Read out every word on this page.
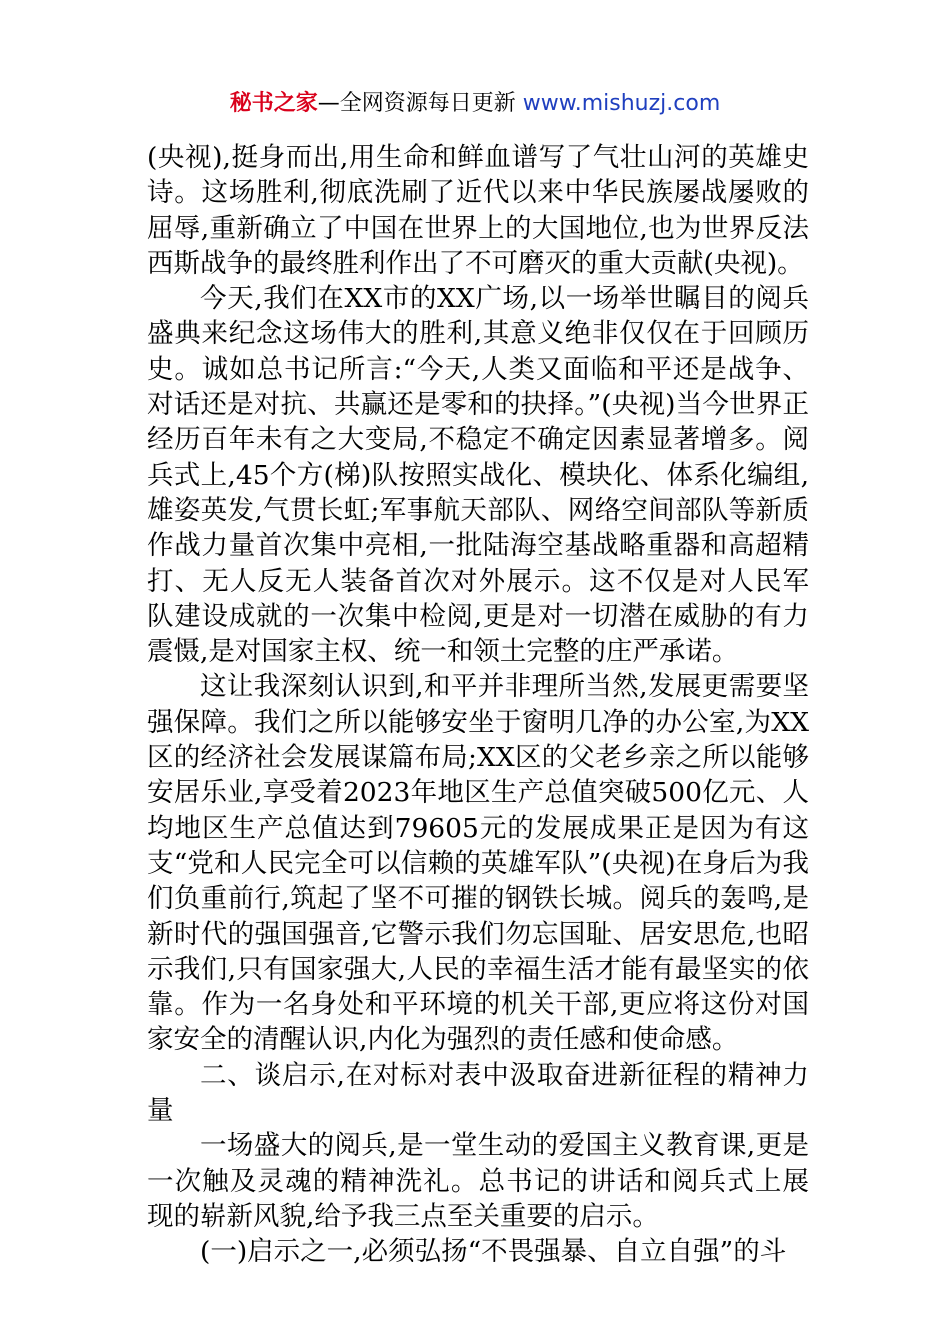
秘书之家—全网资源每日更新 www.mishuzj.com

(央视),挺身而出,用生命和鲜血谱写了气壮山河的英雄史诗。这场胜利,彻底洗刷了近代以来中华民族屡战屡败的屈辱,重新确立了中国在世界上的大国地位,也为世界反法西斯战争的最终胜利作出了不可磨灭的重大贡献(央视)。

今天,我们在XX市的XX广场,以一场举世瞩目的阅兵盛典来纪念这场伟大的胜利,其意义绝非仅仅在于回顾历史。诚如总书记所言:“今天,人类又面临和平还是战争、对话还是对抗、共赢还是零和的抉择。”(央视)当今世界正经历百年未有之大变局,不稳定不确定因素显著增多。阅兵式上,45个方(梯)队按照实战化、模块化、体系化编组,雄姿英发,气贯长虹;军事航天部队、网络空间部队等新质作战力量首次集中亮相,一批陆海空基战略重器和高超精打、无人反无人装备首次对外展示。这不仅是对人民军队建设成就的一次集中检阅,更是对一切潜在威胁的有力震慑,是对国家主权、统一和领土完整的庄严承诺。

这让我深刻认识到,和平并非理所当然,发展更需要坚强保障。我们之所以能够安坐于窗明几净的办公室,为XX区的经济社会发展谋篇布局;XX区的父老乡亲之所以能够安居乐业,享受着2023年地区生产总值突破500亿元、人均地区生产总值达到79605元的发展成果正是因为有这支“党和人民完全可以信赖的英雄军队”(央视)在身后为我们负重前行,筑起了坚不可摧的钢铁长城。阅兵的轰鸣,是新时代的强国强音,它警示我们勿忘国耻、居安思危,也昭示我们,只有国家强大,人民的幸福生活才能有最坚实的依靠。作为一名身处和平环境的机关干部,更应将这份对国家安全的清醒认识,内化为强烈的责任感和使命感。

二、谈启示,在对标对表中汲取奋进新征程的精神力量

一场盛大的阅兵,是一堂生动的爱国主义教育课,更是一次触及灵魂的精神洗礼。总书记的讲话和阅兵式上展现的崭新风貌,给予我三点至关重要的启示。

(一)启示之一,必须弘扬“不畏强暴、自立自强”的斗
